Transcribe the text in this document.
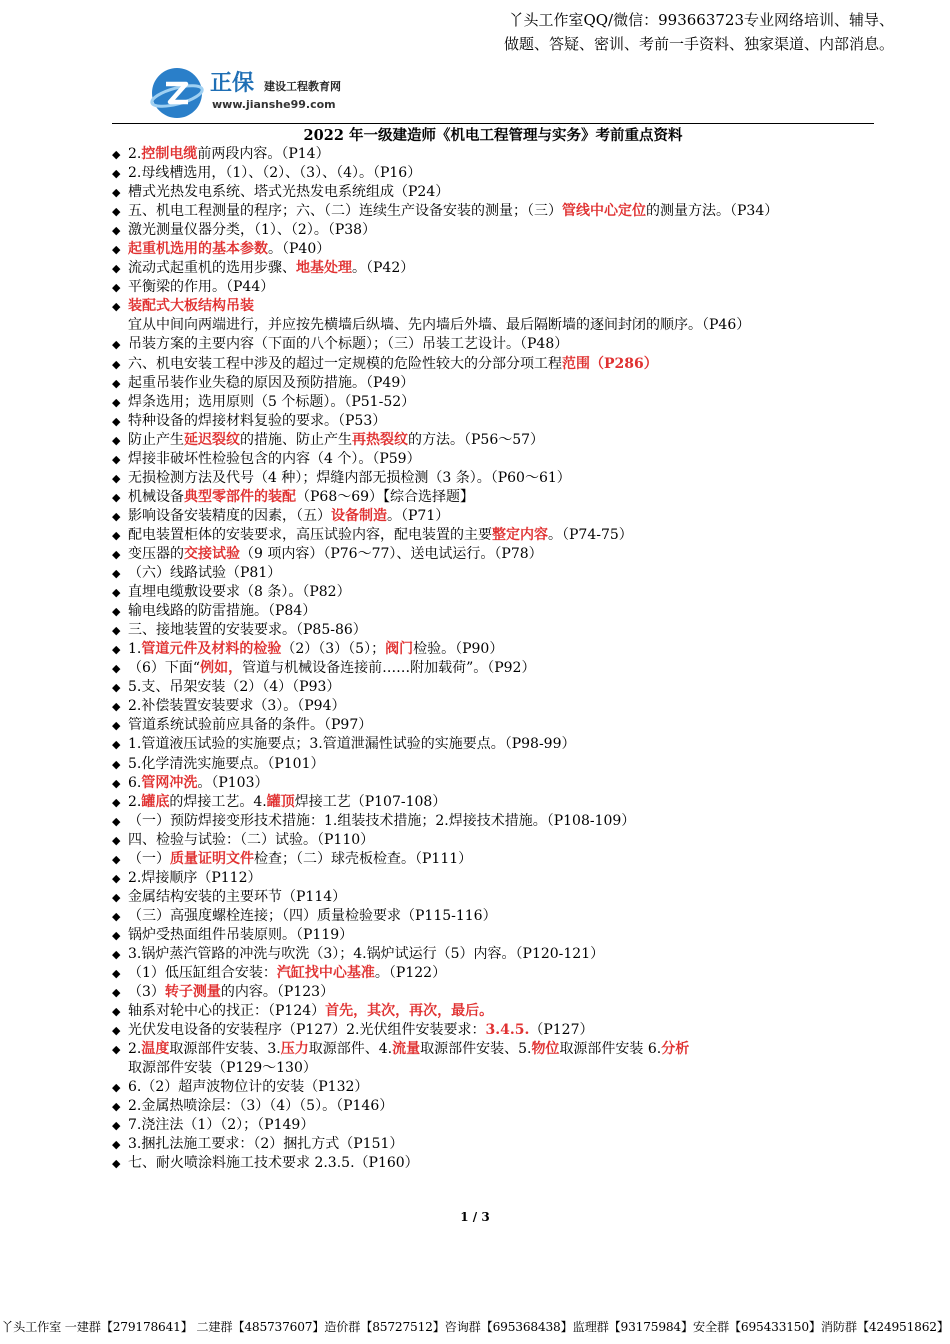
丫头工作室QQ/微信：993663723专业网络培训、辅导、
做题、答疑、密训、考前一手资料、独家渠道、内部消息。
正保 建设工程教育网
www.jianshe99.com
2022 年一级建造师《机电工程管理与实务》考前重点资料
◆ 2.控制电缆前两段内容。（P14）
◆ 2.母线槽选用，（1）、（2）、（3）、（4）。（P16）
◆ 槽式光热发电系统、塔式光热发电系统组成（P24）
◆ 五、机电工程测量的程序；六、（二）连续生产设备安装的测量；（三）管线中心定位的测量方法。（P34）
◆ 激光测量仪器分类，（1）、（2）。（P38）
◆ 起重机选用的基本参数。（P40）
◆ 流动式起重机的选用步骤、地基处理。（P42）
◆ 平衡梁的作用。（P44）
◆ 装配式大板结构吊装宜从中间向两端进行，并应按先横墙后纵墙、先内墙后外墙、最后隔断墙的逐间封闭的顺序。（P46）
◆ 吊装方案的主要内容（下面的八个标题）；（三）吊装工艺设计。（P48）
◆ 六、机电安装工程中涉及的超过一定规模的危险性较大的分部分项工程范围（P286）
◆ 起重吊装作业失稳的原因及预防措施。（P49）
◆ 焊条选用；选用原则（5 个标题）。（P51-52）
◆ 特种设备的焊接材料复验的要求。（P53）
◆ 防止产生延迟裂纹的措施、防止产生再热裂纹的方法。（P56～57）
◆ 焊接非破坏性检验包含的内容（4 个）。（P59）
◆ 无损检测方法及代号（4 种）；焊缝内部无损检测（3 条）。（P60～61）
◆ 机械设备典型零部件的装配（P68～69）【综合选择题】
◆ 影响设备安装精度的因素，（五）设备制造。（P71）
◆ 配电装置柜体的安装要求，高压试验内容，配电装置的主要整定内容。（P74-75）
◆ 变压器的交接试验（9 项内容）（P76～77）、送电试运行。（P78）
◆ （六）线路试验（P81）
◆ 直埋电缆敷设要求（8 条）。（P82）
◆ 输电线路的防雷措施。（P84）
◆ 三、接地装置的安装要求。（P85-86）
◆ 1.管道元件及材料的检验（2）（3）（5）；阀门检验。（P90）
◆ （6）下面“例如，管道与机械设备连接前……附加载荷”。（P92）
◆ 5.支、吊架安装（2）（4）（P93）
◆ 2.补偿装置安装要求（3）。（P94）
◆ 管道系统试验前应具备的条件。（P97）
◆ 1.管道液压试验的实施要点；3.管道泄漏性试验的实施要点。（P98-99）
◆ 5.化学清洗实施要点。（P101）
◆ 6.管网冲洗。（P103）
◆ 2.罐底的焊接工艺。4.罐顶焊接工艺（P107-108）
◆ （一）预防焊接变形技术措施：1.组装技术措施；2.焊接技术措施。（P108-109）
◆ 四、检验与试验：（二）试验。（P110）
◆ （一）质量证明文件检查；（二）球壳板检查。（P111）
◆ 2.焊接顺序（P112）
◆ 金属结构安装的主要环节（P114）
◆ （三）高强度螺栓连接；（四）质量检验要求（P115-116）
◆ 锅炉受热面组件吊装原则。（P119）
◆ 3.锅炉蒸汽管路的冲洗与吹洗（3）；4.锅炉试运行（5）内容。（P120-121）
◆ （1）低压缸组合安装：汽缸找中心基准。（P122）
◆ （3）转子测量的内容。（P123）
◆ 轴系对轮中心的找正：（P124）首先，其次，再次，最后。
◆ 光伏发电设备的安装程序（P127）2.光伏组件安装要求：3.4.5.（P127）
◆ 2.温度取源部件安装、3.压力取源部件、4.流量取源部件安装、5.物位取源部件安装 6.分析取源部件安装（P129～130）
◆ 6.（2）超声波物位计的安装（P132）
◆ 2.金属热喷涂层：（3）（4）（5）。（P146）
◆ 7.浇注法（1）（2）；（P149）
◆ 3.捆扎法施工要求：（2）捆扎方式（P151）
◆ 七、耐火喷涂料施工技术要求 2.3.5.（P160）
1 / 3
丫头工作室 一建群【279178641】 二建群【485737607】造价群【85727512】咨询群【695368438】监理群【93175984】安全群【695433150】消防群【424951862】
